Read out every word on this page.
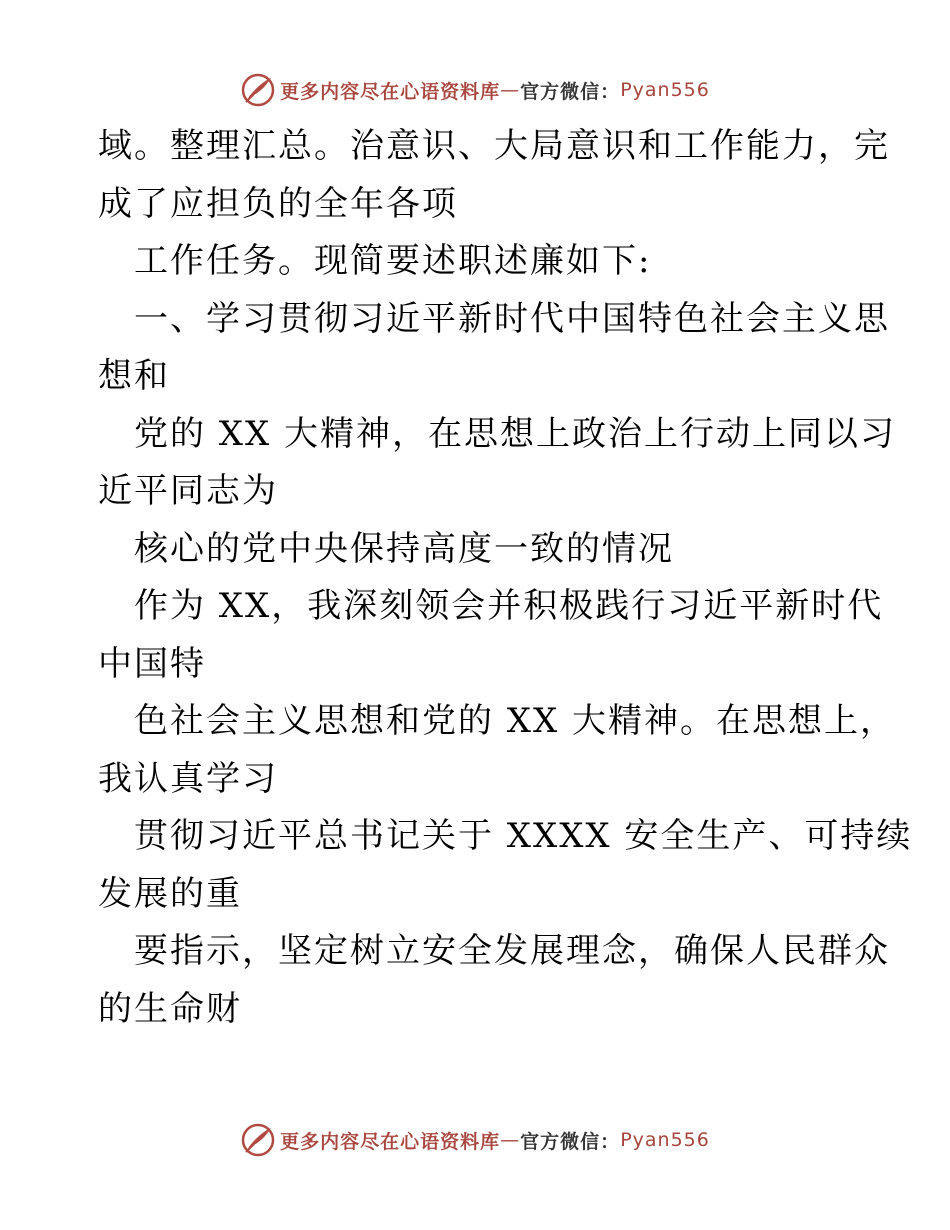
更多内容尽在心语资料库 — 官方微信： Pyan556

域。整理汇总。治意识、大局意识和工作能力，完

成了应担负的全年各项

工作任务。现简要述职述廉如下:

一、学习贯彻习近平新时代中国特色社会主义思

想和

党的 XX 大精神，在思想上政治上行动上同以习

近平同志为

核心的党中央保持高度一致的情况

作为 XX，我深刻领会并积极践行习近平新时代

中国特

色社会主义思想和党的 XX 大精神。在思想上，

我认真学习

贯彻习近平总书记关于 XXXX 安全生产、可持续

发展的重

要指示，坚定树立安全发展理念，确保人民群众

的生命财

更多内容尽在心语资料库 — 官方微信： Pyan556
